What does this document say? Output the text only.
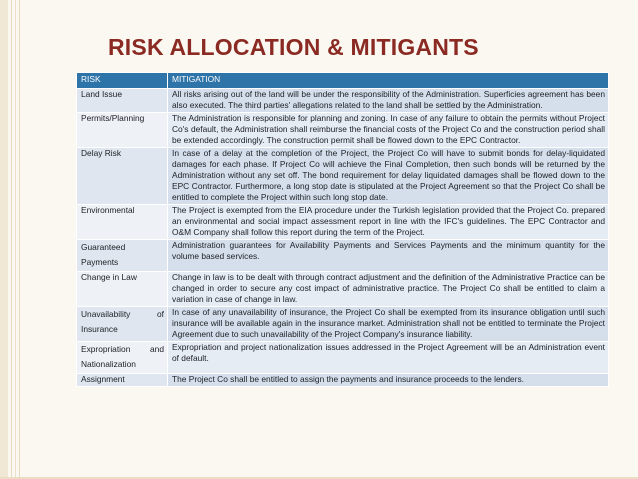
RISK ALLOCATION & MITIGANTS
RISK	MITIGATION
Land Issue	All risks arising out of the land will be under the responsibility of the Administration. Superficies agreement has been also executed. The third parties' allegations related to the land shall be settled by the Administration.
Permits/Planning	The Administration is responsible for planning and zoning. In case of any failure to obtain the permits without Project Co's default, the Administration shall reimburse the financial costs of the Project Co and the construction period shall be extended accordingly. The construction permit shall be flowed down to the EPC Contractor.
Delay Risk	In case of a delay at the completion of the Project, the Project Co will have to submit bonds for delay-liquidated damages for each phase. If Project Co will achieve the Final Completion, then such bonds will be returned by the Administration without any set off. The bond requirement for delay liquidated damages shall be flowed down to the EPC Contractor. Furthermore, a long stop date is stipulated at the Project Agreement so that the Project Co shall be entitled to complete the Project within such long stop date.
Environmental	The Project is exempted from the EIA procedure under the Turkish legislation provided that the Project Co. prepared an environmental and social impact assessment report in line with the IFC's guidelines. The EPC Contractor and O&M Company shall follow this report during the term of the Project.
Guaranteed Payments	Administration guarantees for Availability Payments and Services Payments and the minimum quantity for the volume based services.
Change in Law	Change in law is to be dealt with through contract adjustment and the definition of the Administrative Practice can be changed in order to secure any cost impact of administrative practice. The Project Co shall be entitled to claim a variation in case of change in law.
Unavailability of Insurance	In case of any unavailability of insurance, the Project Co shall be exempted from its insurance obligation until such insurance will be available again in the insurance market. Administration shall not be entitled to terminate the Project Agreement due to such unavailability of the Project Company's insurance liability.
Expropriation and Nationalization	Expropriation and project nationalization issues addressed in the Project Agreement will be an Administration event of default.
Assignment	The Project Co shall be entitled to assign the payments and insurance proceeds to the lenders.
